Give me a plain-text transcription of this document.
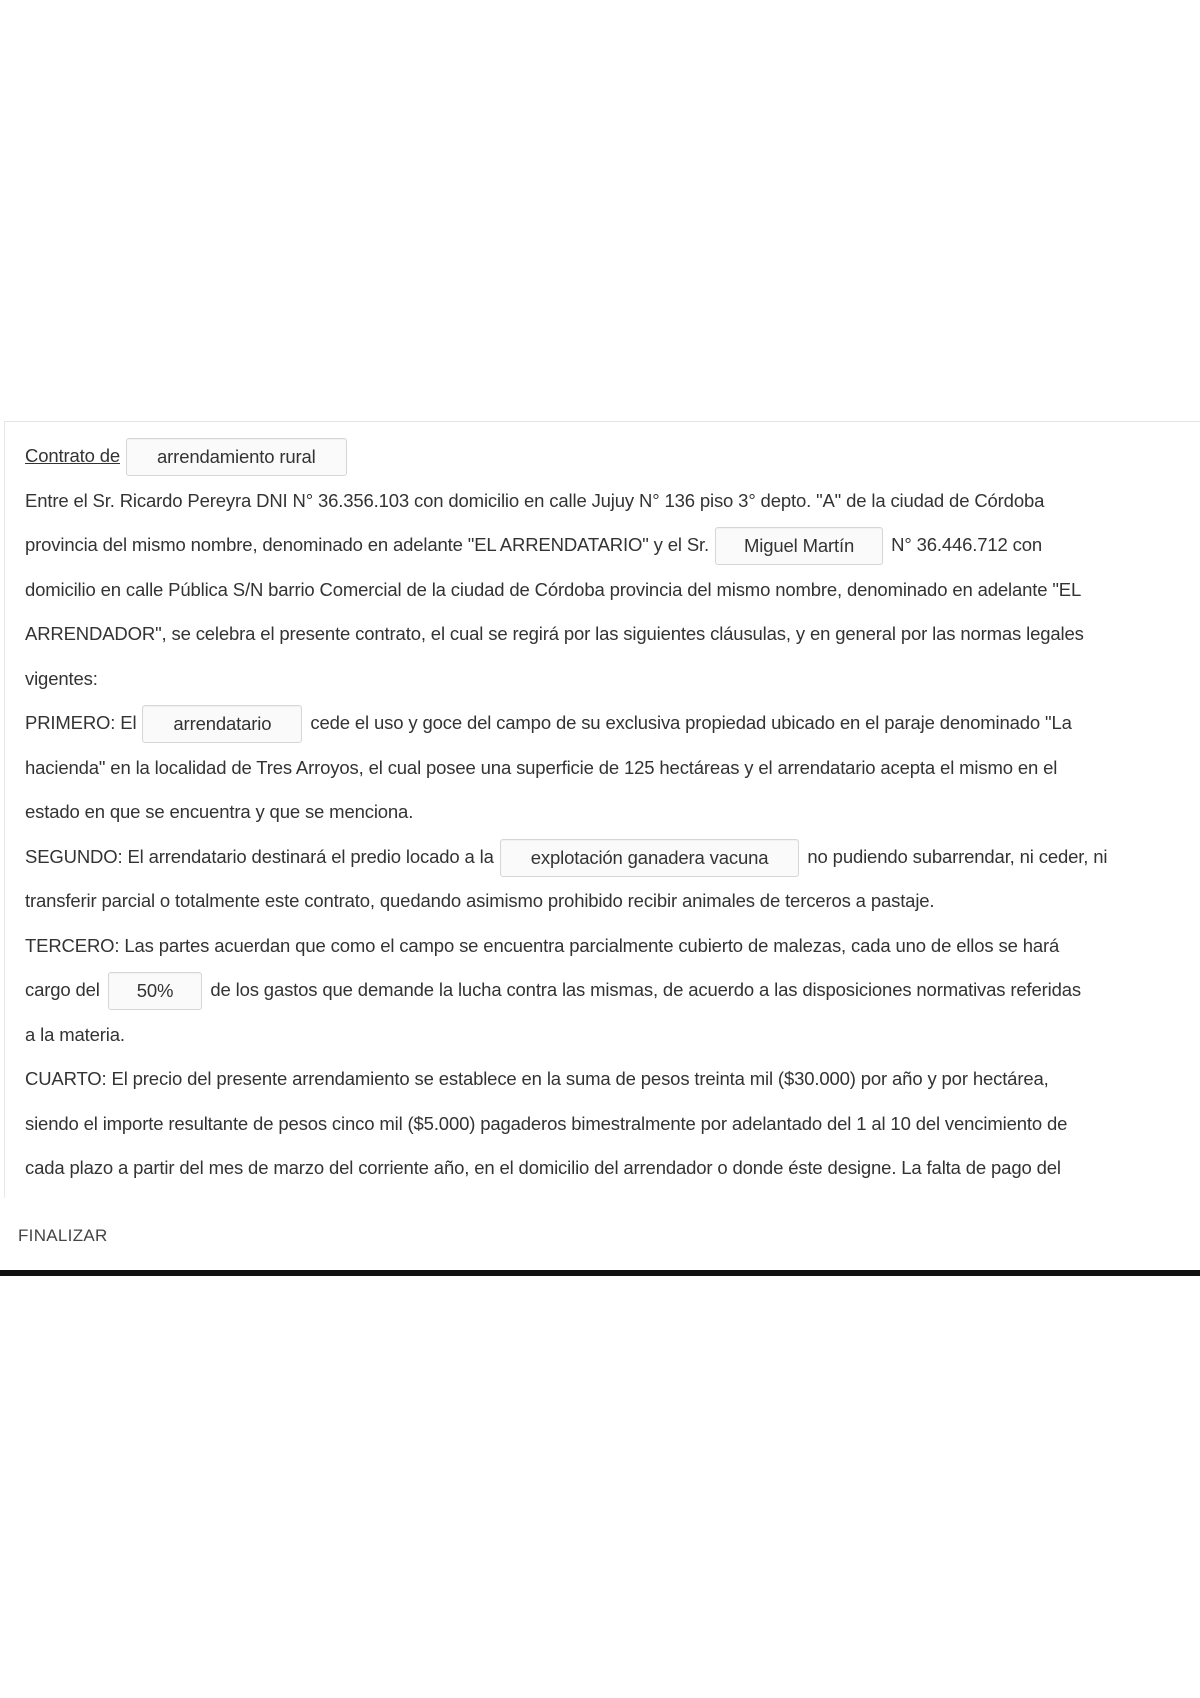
Contrato de arrendamiento rural
Entre el Sr. Ricardo Pereyra DNI N° 36.356.103 con domicilio en calle Jujuy N° 136 piso 3° depto. "A" de la ciudad de Córdoba
provincia del mismo nombre, denominado en adelante "EL ARRENDATARIO" y el Sr. Miguel Martín N° 36.446.712 con
domicilio en calle Pública S/N barrio Comercial de la ciudad de Córdoba provincia del mismo nombre, denominado en adelante "EL
ARRENDADOR", se celebra el presente contrato, el cual se regirá por las siguientes cláusulas, y en general por las normas legales
vigentes:
PRIMERO: El arrendatario cede el uso y goce del campo de su exclusiva propiedad ubicado en el paraje denominado "La
hacienda" en la localidad de Tres Arroyos, el cual posee una superficie de 125 hectáreas y el arrendatario acepta el mismo en el
estado en que se encuentra y que se menciona.
SEGUNDO: El arrendatario destinará el predio locado a la explotación ganadera vacuna no pudiendo subarrendar, ni ceder, ni
transferir parcial o totalmente este contrato, quedando asimismo prohibido recibir animales de terceros a pastaje.
TERCERO: Las partes acuerdan que como el campo se encuentra parcialmente cubierto de malezas, cada uno de ellos se hará
cargo del 50% de los gastos que demande la lucha contra las mismas, de acuerdo a las disposiciones normativas referidas
a la materia.
CUARTO: El precio del presente arrendamiento se establece en la suma de pesos treinta mil ($30.000) por año y por hectárea,
siendo el importe resultante de pesos cinco mil ($5.000) pagaderos bimestralmente por adelantado del 1 al 10 del vencimiento de
cada plazo a partir del mes de marzo del corriente año, en el domicilio del arrendador o donde éste designe. La falta de pago del
FINALIZAR
